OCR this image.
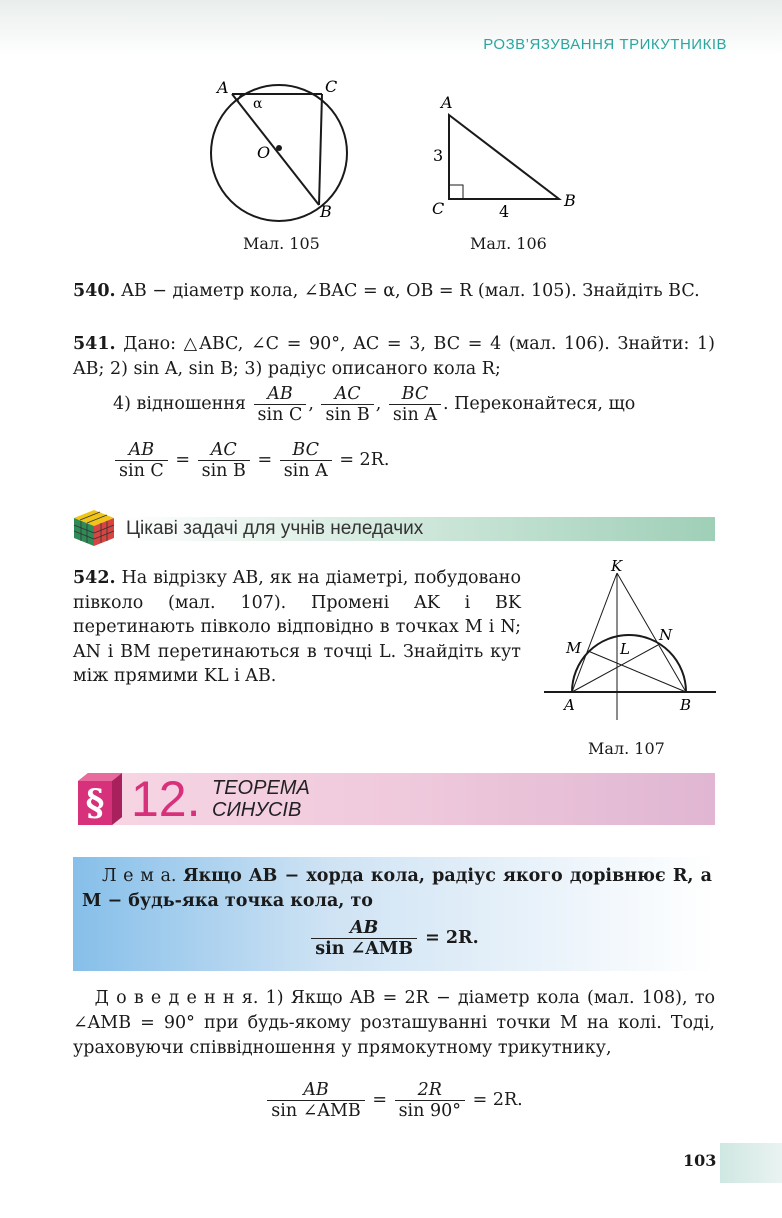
РОЗВ’ЯЗУВАННЯ ТРИКУТНИКІВ
A	C
α
O
B
Мал. 105
A
3
C	4
B
Мал. 106
540. AB − діаметр кола, ∠BAC = α, OB = R (мал. 105). Знайдіть BC.
541. Дано: △ABC, ∠C = 90°, AC = 3, BC = 4 (мал. 106). Знайти: 1) AB; 2) sin A, sin B; 3) радіус описаного кола R;
4) відношення $\frac{AB}{\text{sin C}}$ , $\frac{AC}{\text{sin B}}$ , $\frac{BC}{\text{sin A}}$ . Переконайтеся, що
$\frac{AB}{\text{sin C}} = \frac{AC}{\text{sin B}} = \frac{BC}{\text{sin A}} = 2R$.
Цікаві задачі для учнів неледачих
542. На відрізку AB, як на діаметрі, побудовано півколо (мал. 107). Промені AK і BK перетинають півколо відповідно в точках M і N; AN і BM перетинаються в точці L. Знайдіть кут між прямими KL і AB.
K
M
N
L
A	B
Мал. 107
§ 12. ТЕОРЕМА
СИНУСІВ
Л е м а. Якщо AB − хорда кола, радіус якого дорівнює R, а M − будь-яка точка кола, то
$\frac{AB}{\text{sin ∠AMB}} = 2R$.
Д о в е д е н н я. 1) Якщо AB = 2R − діаметр кола (мал. 108), то ∠AMB = 90° при будь-якому розташуванні точки M на колі. Тоді, ураховуючи співвідношення у прямокутному трикутнику,
$\frac{AB}{\text{sin ∠AMB}} = \frac{2R}{\sin 90^\circ} = 2R$.
103
